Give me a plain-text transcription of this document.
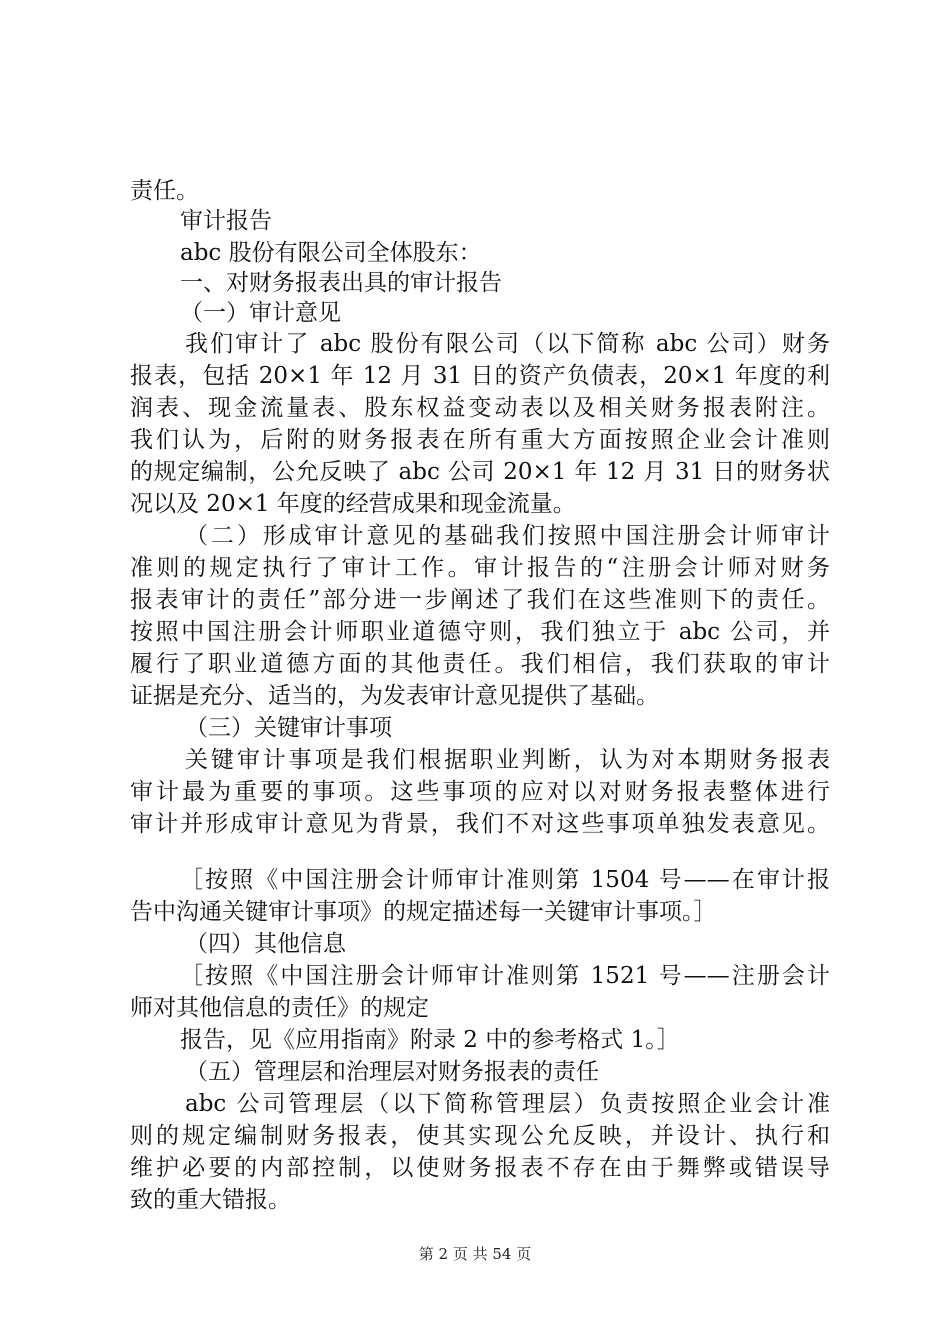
责任。
审计报告
abc 股份有限公司全体股东：
一、对财务报表出具的审计报告
（一）审计意见
我们审计了 abc 股份有限公司（以下简称 abc 公司）财务
报表，包括 20×1 年 12 月 31 日的资产负债表，20×1 年度的利
润表、现金流量表、股东权益变动表以及相关财务报表附注。
我们认为，后附的财务报表在所有重大方面按照企业会计准则
的规定编制，公允反映了 abc 公司 20×1 年 12 月 31 日的财务状
况以及 20×1 年度的经营成果和现金流量。
（二）形成审计意见的基础我们按照中国注册会计师审计
准则的规定执行了审计工作。审计报告的“注册会计师对财务
报表审计的责任”部分进一步阐述了我们在这些准则下的责任。
按照中国注册会计师职业道德守则，我们独立于 abc 公司，并
履行了职业道德方面的其他责任。我们相信，我们获取的审计
证据是充分、适当的，为发表审计意见提供了基础。
（三）关键审计事项
关键审计事项是我们根据职业判断，认为对本期财务报表
审计最为重要的事项。这些事项的应对以对财务报表整体进行
审计并形成审计意见为背景，我们不对这些事项单独发表意见。
［按照《中国注册会计师审计准则第 1504 号——在审计报
告中沟通关键审计事项》的规定描述每一关键审计事项。］
（四）其他信息
［按照《中国注册会计师审计准则第 1521 号——注册会计
师对其他信息的责任》的规定
报告，见《应用指南》附录 2 中的参考格式 1。］
（五）管理层和治理层对财务报表的责任
abc 公司管理层（以下简称管理层）负责按照企业会计准
则的规定编制财务报表，使其实现公允反映，并设计、执行和
维护必要的内部控制，以使财务报表不存在由于舞弊或错误导
致的重大错报。
第 2 页 共 54 页
